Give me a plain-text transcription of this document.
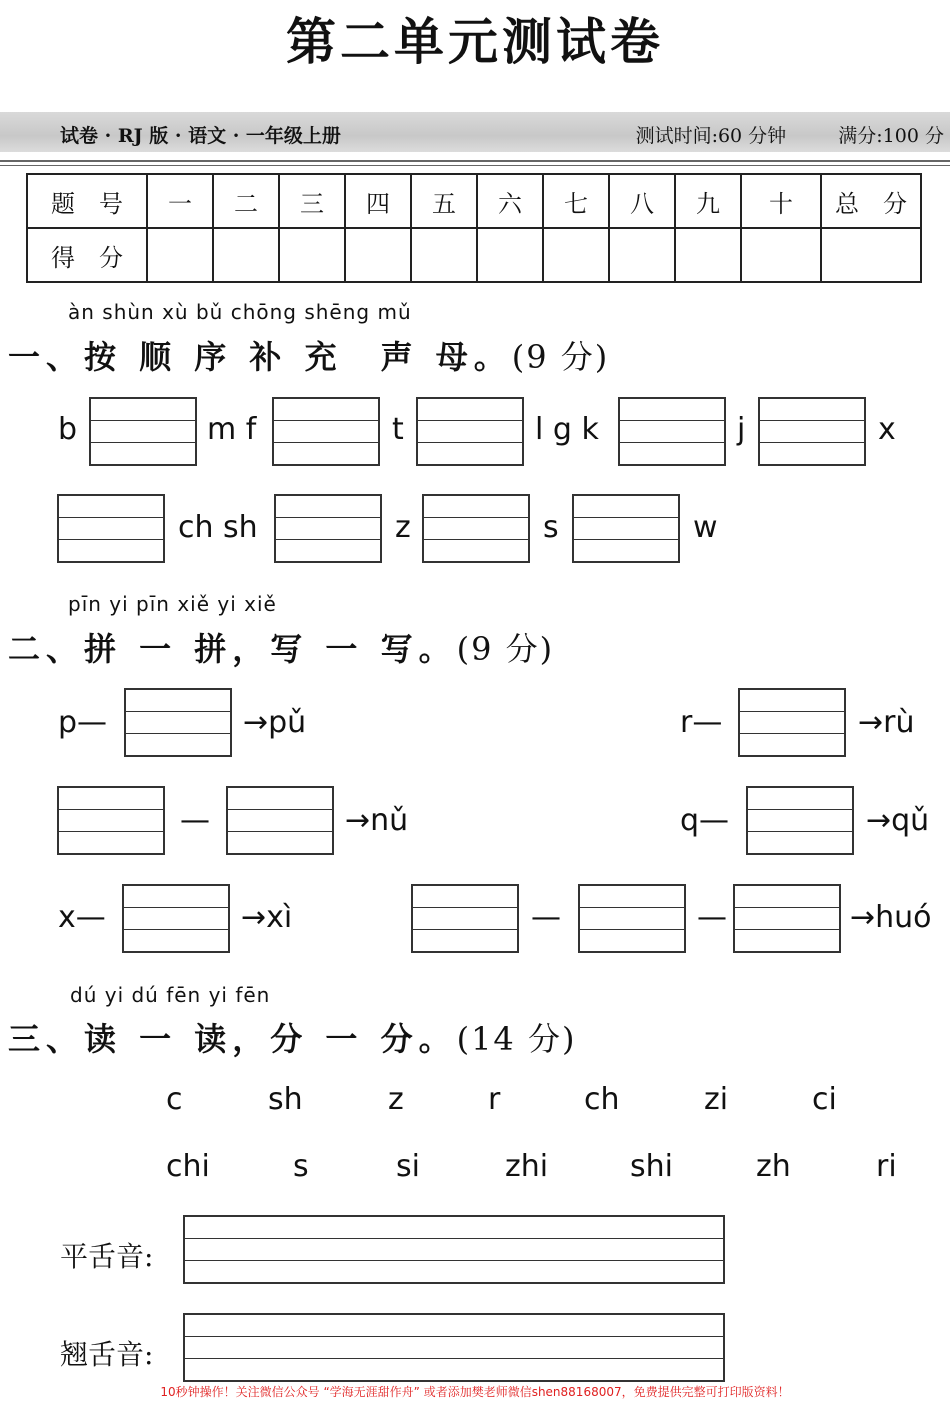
第二单元测试卷
试卷 · RJ 版 · 语文 · 一年级上册	测试时间:60 分钟	满分:100 分
题　号	一	二	三	四	五	六	七	八	九	十	总　分
得　分											
àn shùn xù bǔ chōng shēng mǔ
一、按 顺 序 补 充　声 母。(9 分)
b	m f	t	l g k	j	x
ch sh	z	s	w
pīn yi pīn xiě yi xiě
二、拼 一 拼，写 一 写。(9 分)
p—	→pǔ	r—	→rù
—	→nǔ	q—	→qǔ
x—	→xì	—	—	→huó
dú yi dú fēn yi fēn
三、读 一 读，分 一 分。(14 分)
c	sh	z	r	ch	zi	ci
chi	s	si	zhi	shi	zh	ri
平舌音:
翘舌音:
10秒钟操作！关注微信公众号 “学海无涯甜作舟” 或者添加樊老师微信shen88168007，免费提供完整可打印版资料！
